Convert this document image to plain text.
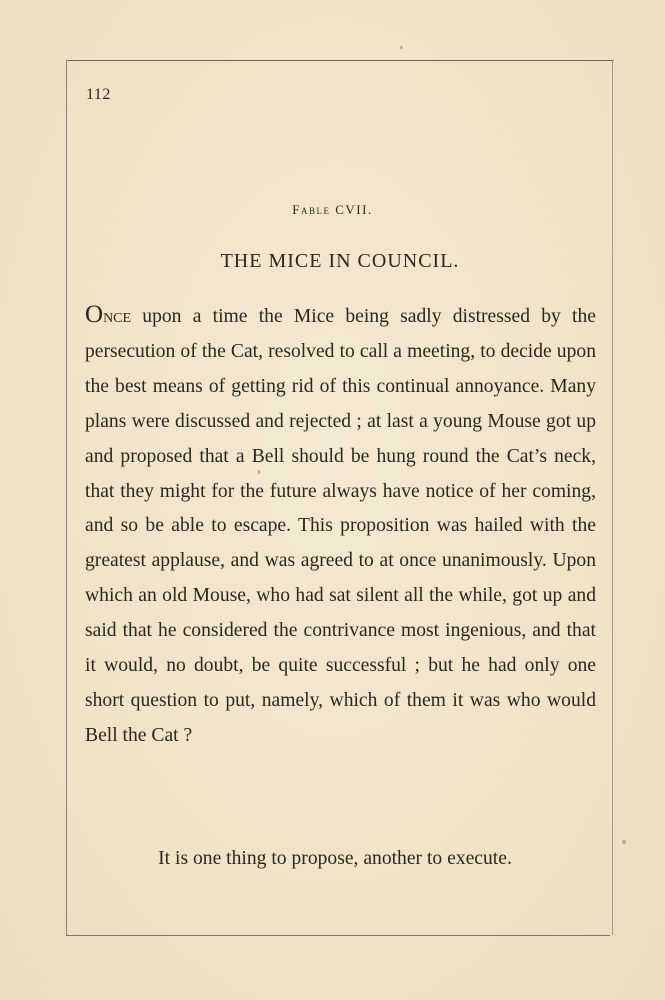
112
Fable CVII.
THE MICE IN COUNCIL.

Once upon a time the Mice being sadly distressed by the persecution of the Cat, resolved to call a meeting, to decide upon the best means of getting rid of this continual annoyance. Many plans were discussed and rejected ; at last a young Mouse got up and proposed that a Bell should be hung round the Cat’s neck, that they might for the future always have notice of her coming, and so be able to escape. This proposition was hailed with the greatest applause, and was agreed to at once unanimously. Upon which an old Mouse, who had sat silent all the while, got up and said that he considered the contrivance most ingenious, and that it would, no doubt, be quite successful ; but he had only one short question to put, namely, which of them it was who would Bell the Cat ?

It is one thing to propose, another to execute.
